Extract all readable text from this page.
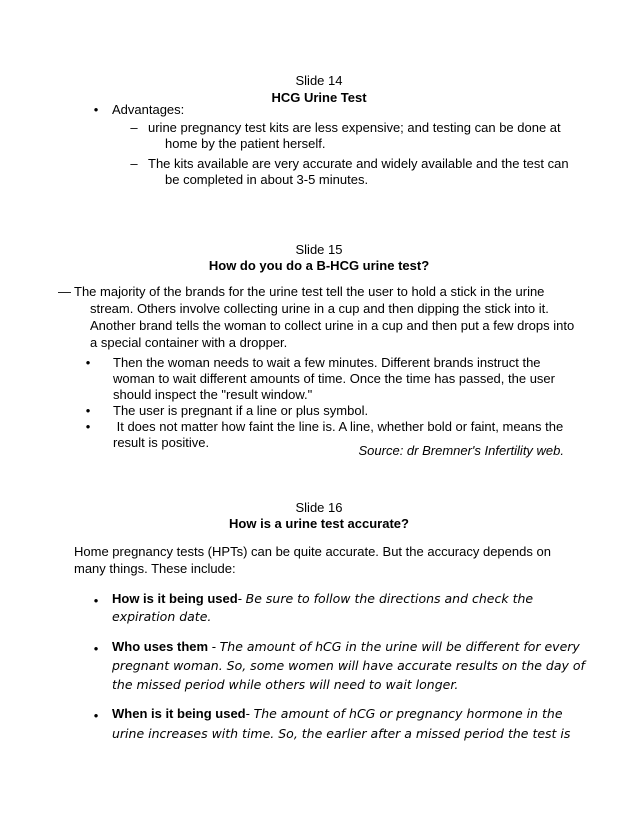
Slide 14
HCG Urine Test
• Advantages:
– urine pregnancy test kits are less expensive; and testing can be done at
home by the patient herself.
– The kits available are very accurate and widely available and the test can
be completed in about 3-5 minutes.
Slide 15
How do you do a B-HCG urine test?
— The majority of the brands for the urine test tell the user to hold a stick in the urine
stream. Others involve collecting urine in a cup and then dipping the stick into it.
Another brand tells the woman to collect urine in a cup and then put a few drops into
a special container with a dropper.
• Then the woman needs to wait a few minutes. Different brands instruct the
woman to wait different amounts of time. Once the time has passed, the user
should inspect the "result window."
• The user is pregnant if a line or plus symbol.
• It does not matter how faint the line is. A line, whether bold or faint, means the
result is positive.
Source: dr Bremner's Infertility web.
Slide 16
How is a urine test accurate?
Home pregnancy tests (HPTs) can be quite accurate. But the accuracy depends on
many things. These include:
• How is it being used- Be sure to follow the directions and check the
expiration date.
• Who uses them - The amount of hCG in the urine will be different for every
pregnant woman. So, some women will have accurate results on the day of
the missed period while others will need to wait longer.
• When is it being used- The amount of hCG or pregnancy hormone in the
urine increases with time. So, the earlier after a missed period the test is
